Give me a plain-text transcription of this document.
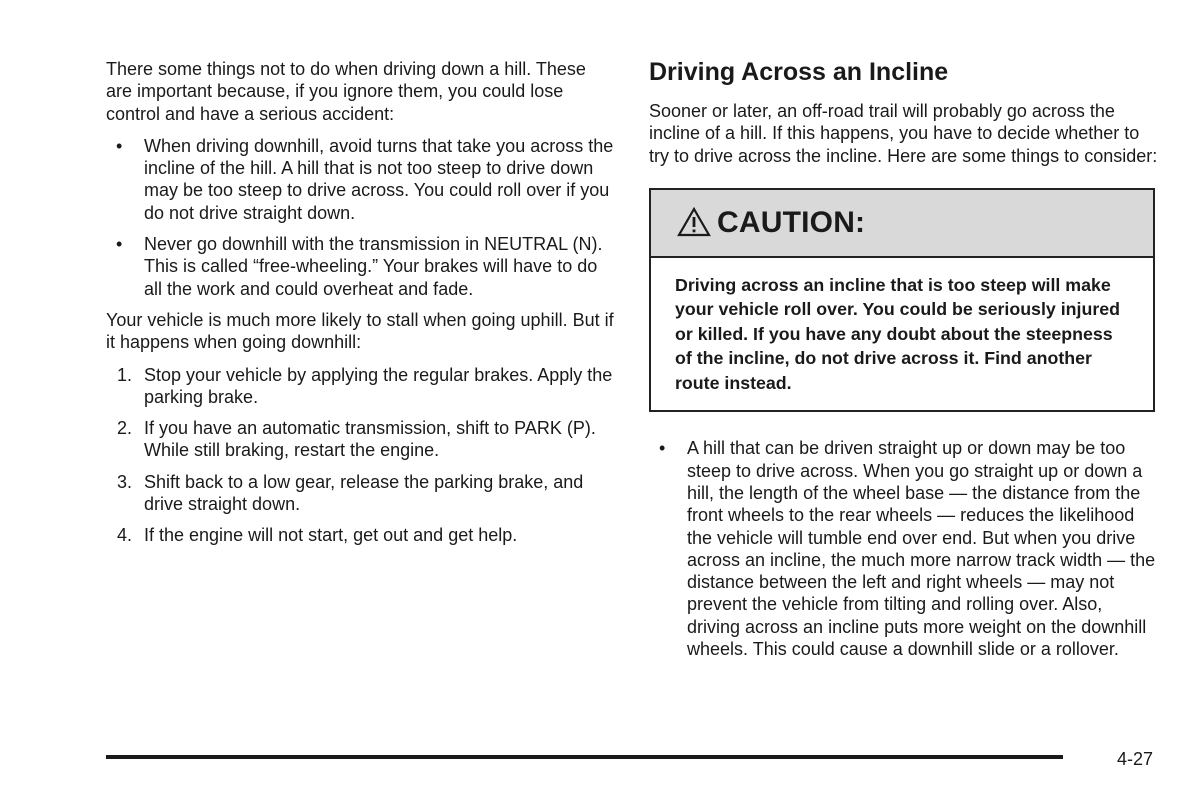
There some things not to do when driving down a hill. These are important because, if you ignore them, you could lose control and have a serious accident:

• When driving downhill, avoid turns that take you across the incline of the hill. A hill that is not too steep to drive down may be too steep to drive across. You could roll over if you do not drive straight down.
• Never go downhill with the transmission in NEUTRAL (N). This is called “free-wheeling.” Your brakes will have to do all the work and could overheat and fade.

Your vehicle is much more likely to stall when going uphill. But if it happens when going downhill:

1. Stop your vehicle by applying the regular brakes. Apply the parking brake.
2. If you have an automatic transmission, shift to PARK (P). While still braking, restart the engine.
3. Shift back to a low gear, release the parking brake, and drive straight down.
4. If the engine will not start, get out and get help.
Driving Across an Incline

Sooner or later, an off-road trail will probably go across the incline of a hill. If this happens, you have to decide whether to try to drive across the incline. Here are some things to consider:

CAUTION:
Driving across an incline that is too steep will make your vehicle roll over. You could be seriously injured or killed. If you have any doubt about the steepness of the incline, do not drive across it. Find another route instead.
• A hill that can be driven straight up or down may be too steep to drive across. When you go straight up or down a hill, the length of the wheel base — the distance from the front wheels to the rear wheels — reduces the likelihood the vehicle will tumble end over end. But when you drive across an incline, the much more narrow track width — the distance between the left and right wheels — may not prevent the vehicle from tilting and rolling over. Also, driving across an incline puts more weight on the downhill wheels. This could cause a downhill slide or a rollover.
4-27
